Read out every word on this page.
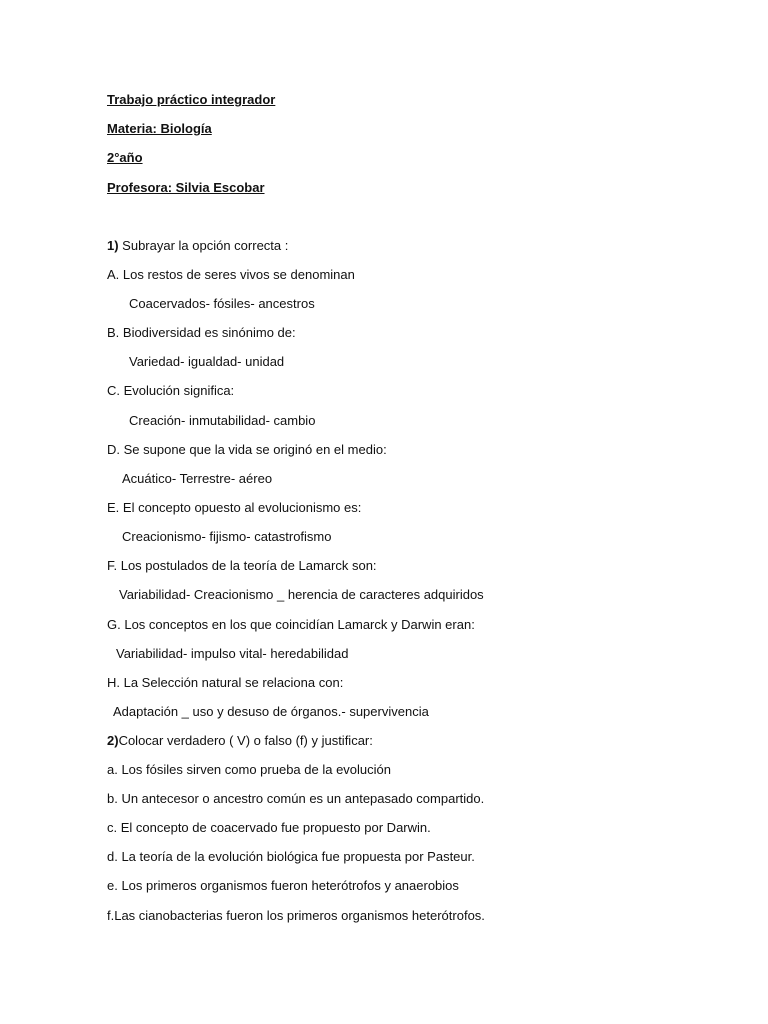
Trabajo práctico integrador
Materia: Biología
2°año
Profesora: Silvia Escobar
1) Subrayar la opción correcta :
A. Los restos de seres vivos se denominan
Coacervados- fósiles- ancestros
B. Biodiversidad es sinónimo de:
Variedad- igualdad- unidad
C. Evolución significa:
Creación- inmutabilidad- cambio
D. Se supone que la vida se originó en el medio:
Acuático- Terrestre- aéreo
E. El concepto opuesto al evolucionismo es:
Creacionismo- fijismo- catastrofismo
F. Los postulados de la teoría de Lamarck son:
Variabilidad- Creacionismo _ herencia de caracteres adquiridos
G. Los conceptos en los que coincidían Lamarck y Darwin eran:
Variabilidad- impulso vital- heredabilidad
H. La Selección natural se relaciona con:
Adaptación _ uso y desuso de órganos.- supervivencia
2)Colocar verdadero ( V) o falso (f) y justificar:
a. Los fósiles sirven como prueba de la evolución
b. Un antecesor o ancestro común es un antepasado compartido.
c. El concepto de coacervado fue propuesto por Darwin.
d. La teoría de la evolución biológica fue propuesta por Pasteur.
e. Los primeros organismos fueron heterótrofos y anaerobios
f.Las cianobacterias fueron los primeros organismos heterótrofos.
